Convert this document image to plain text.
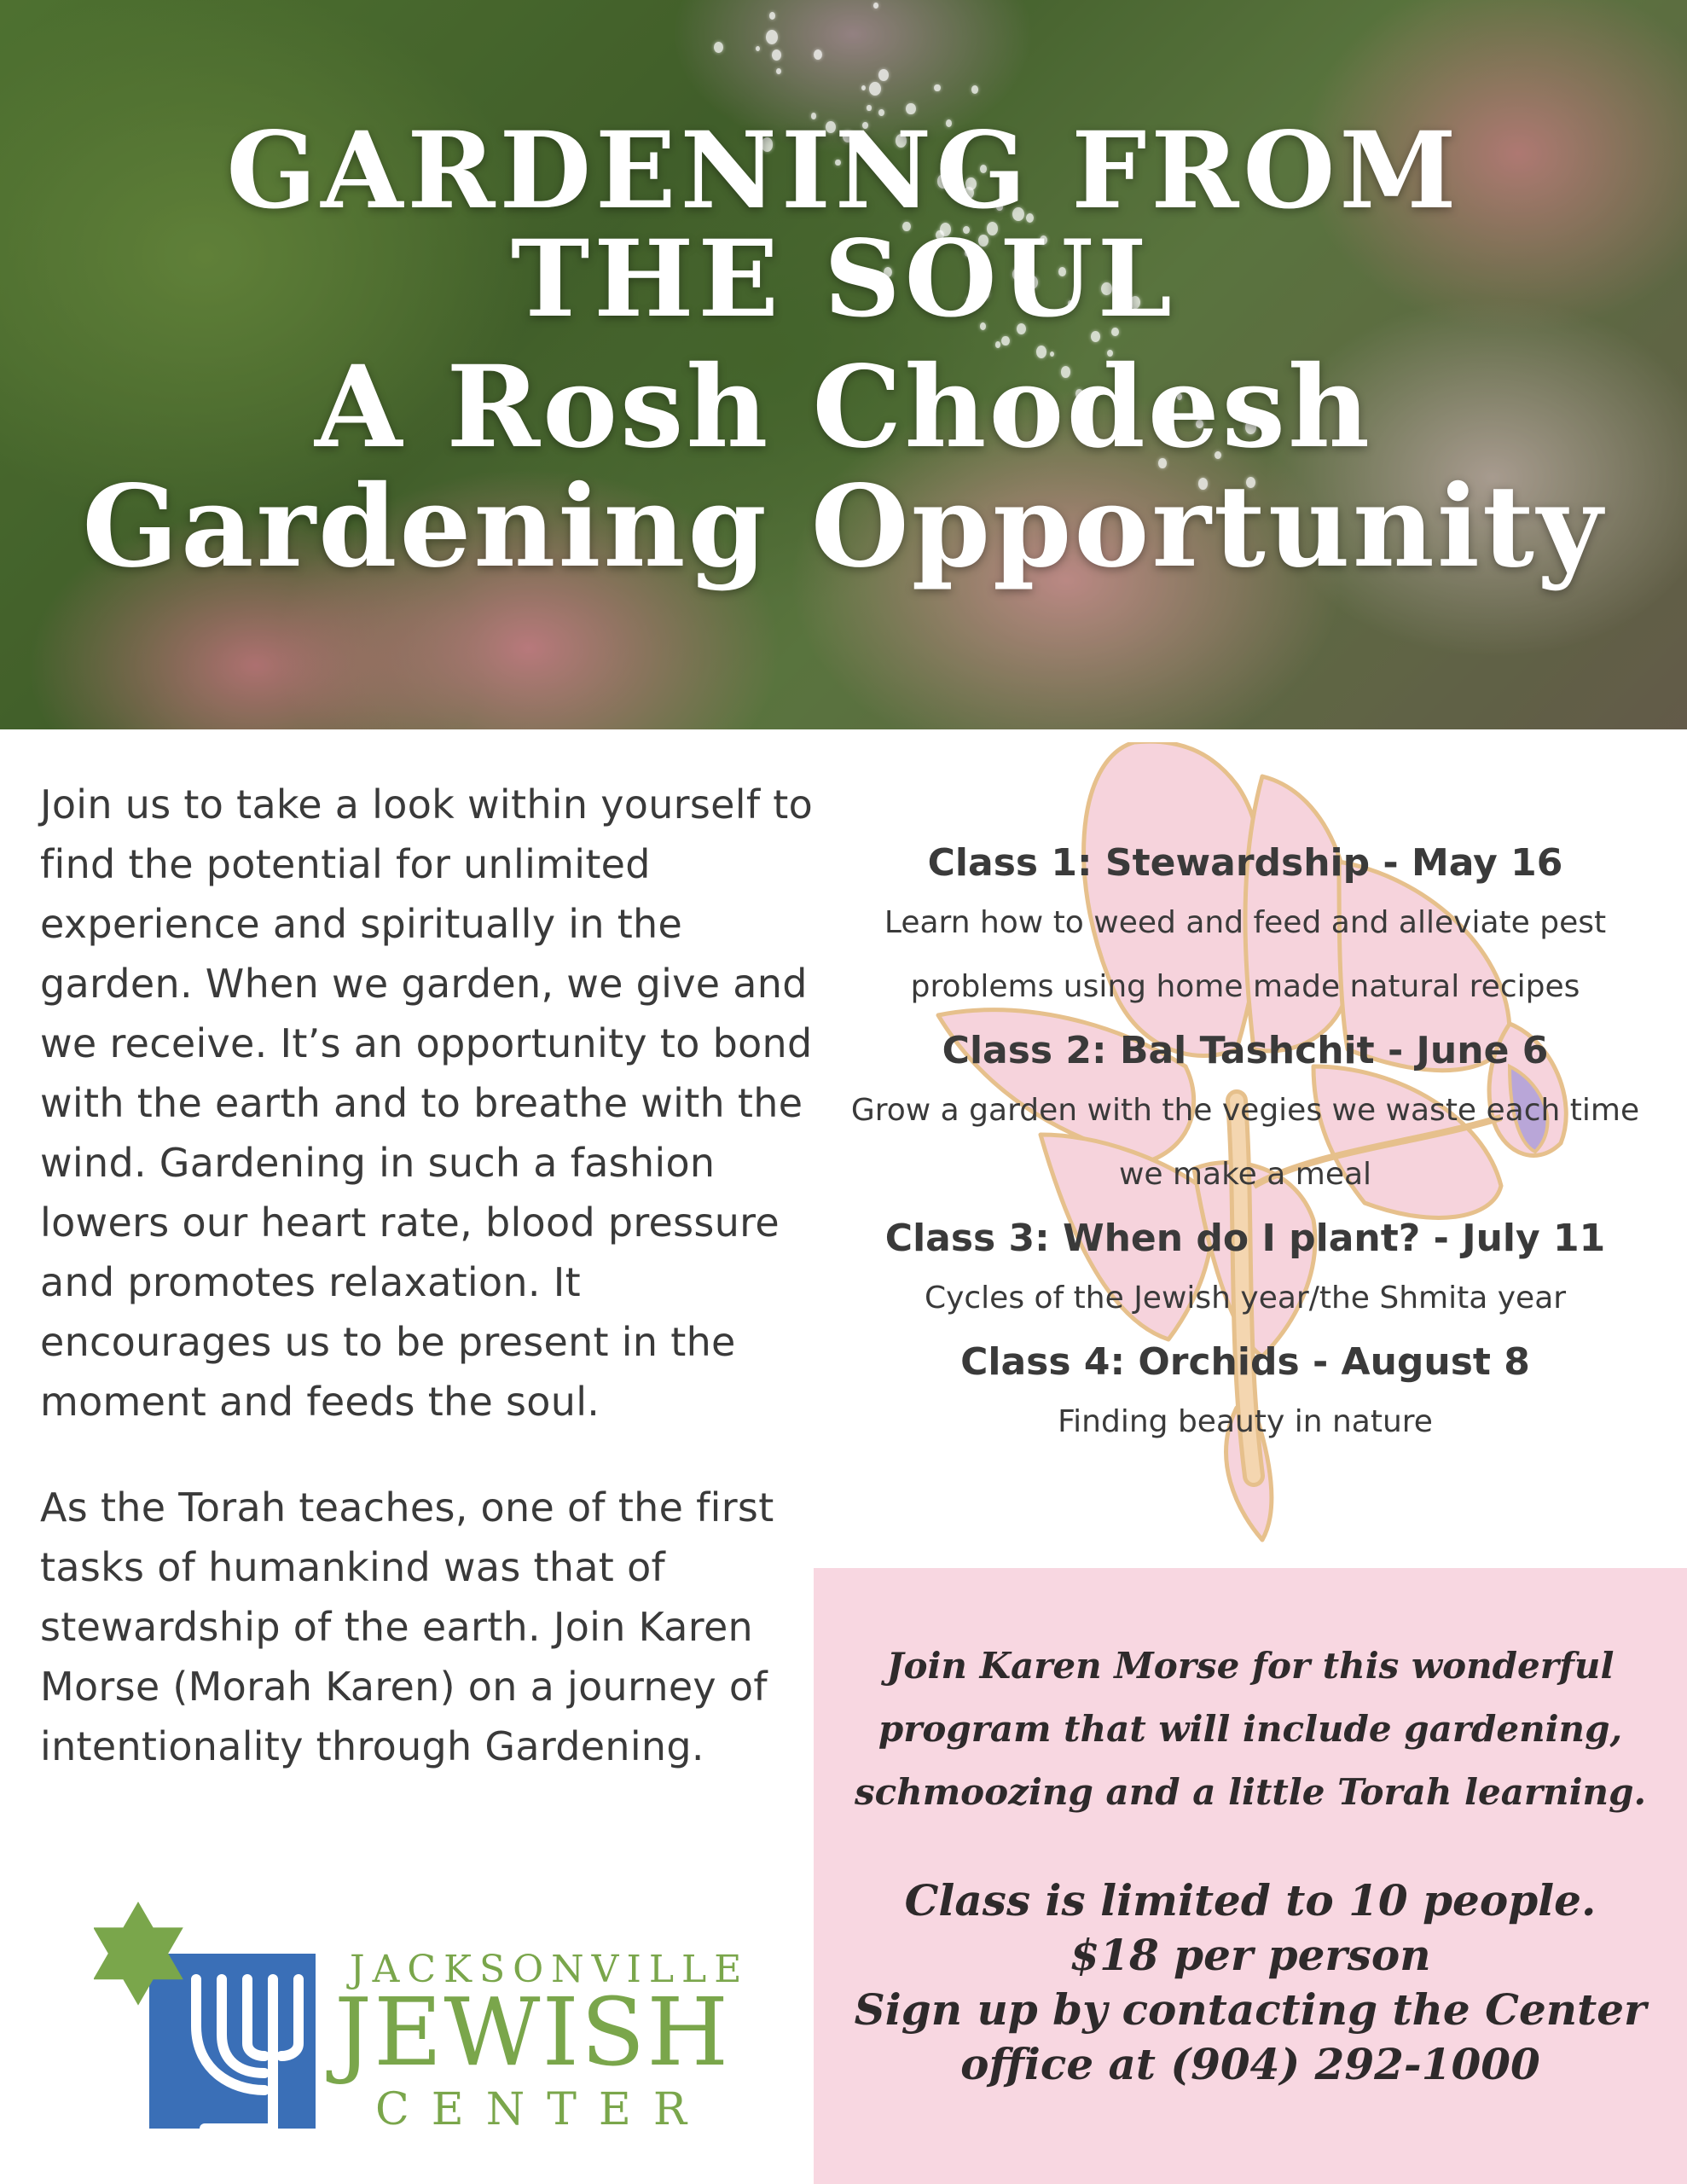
GARDENING FROM
THE SOUL
A Rosh Chodesh
Gardening Opportunity

Join us to take a look within yourself to find the potential for unlimited experience and spiritually in the garden. When we garden, we give and we receive. It’s an opportunity to bond with the earth and to breathe with the wind. Gardening in such a fashion lowers our heart rate, blood pressure and promotes relaxation. It encourages us to be present in the moment and feeds the soul.

As the Torah teaches, one of the first tasks of humankind was that of stewardship of the earth. Join Karen Morse (Morah Karen) on a journey of intentionality through Gardening.

Class 1: Stewardship - May 16

Learn how to weed and feed and alleviate pest problems using home made natural recipes

Class 2: Bal Tashchit - June 6

Grow a garden with the vegies we waste each time we make a meal

Class 3: When do I plant? - July 11

Cycles of the Jewish year/the Shmita year

Class 4: Orchids - August 8

Finding beauty in nature

Join Karen Morse for this wonderful program that will include gardening, schmoozing and a little Torah learning.

Class is limited to 10 people.

$18 per person

Sign up by contacting the Center

office at (904) 292-1000

JACKSONVILLE

JEWISH

CENTER
